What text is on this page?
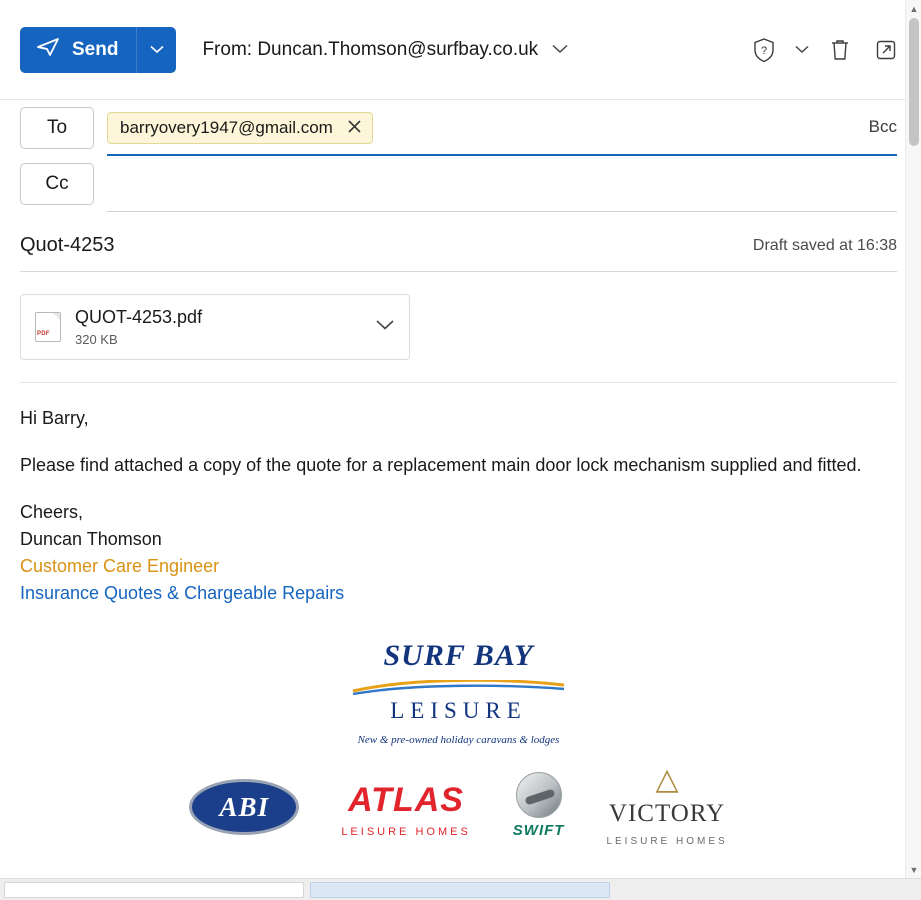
Send	From: Duncan.Thomson@surfbay.co.uk	?
To	barryovery1947@gmail.com	Bcc
Cc
Quot-4253	Draft saved at 16:38
PDF
QUOT-4253.pdf
320 KB

Hi Barry,

Please find attached a copy of the quote for a replacement main door lock mechanism supplied and fitted.

Cheers,

Duncan Thomson

Customer Care Engineer

Insurance Quotes & Chargeable Repairs

SURF BAY
LEISURE
New & pre-owned holiday caravans & lodges
ABI	ATLAS
LEISURE HOMES	SWIFT
△
VICTORY
LEISURE HOMES
▲
▼
